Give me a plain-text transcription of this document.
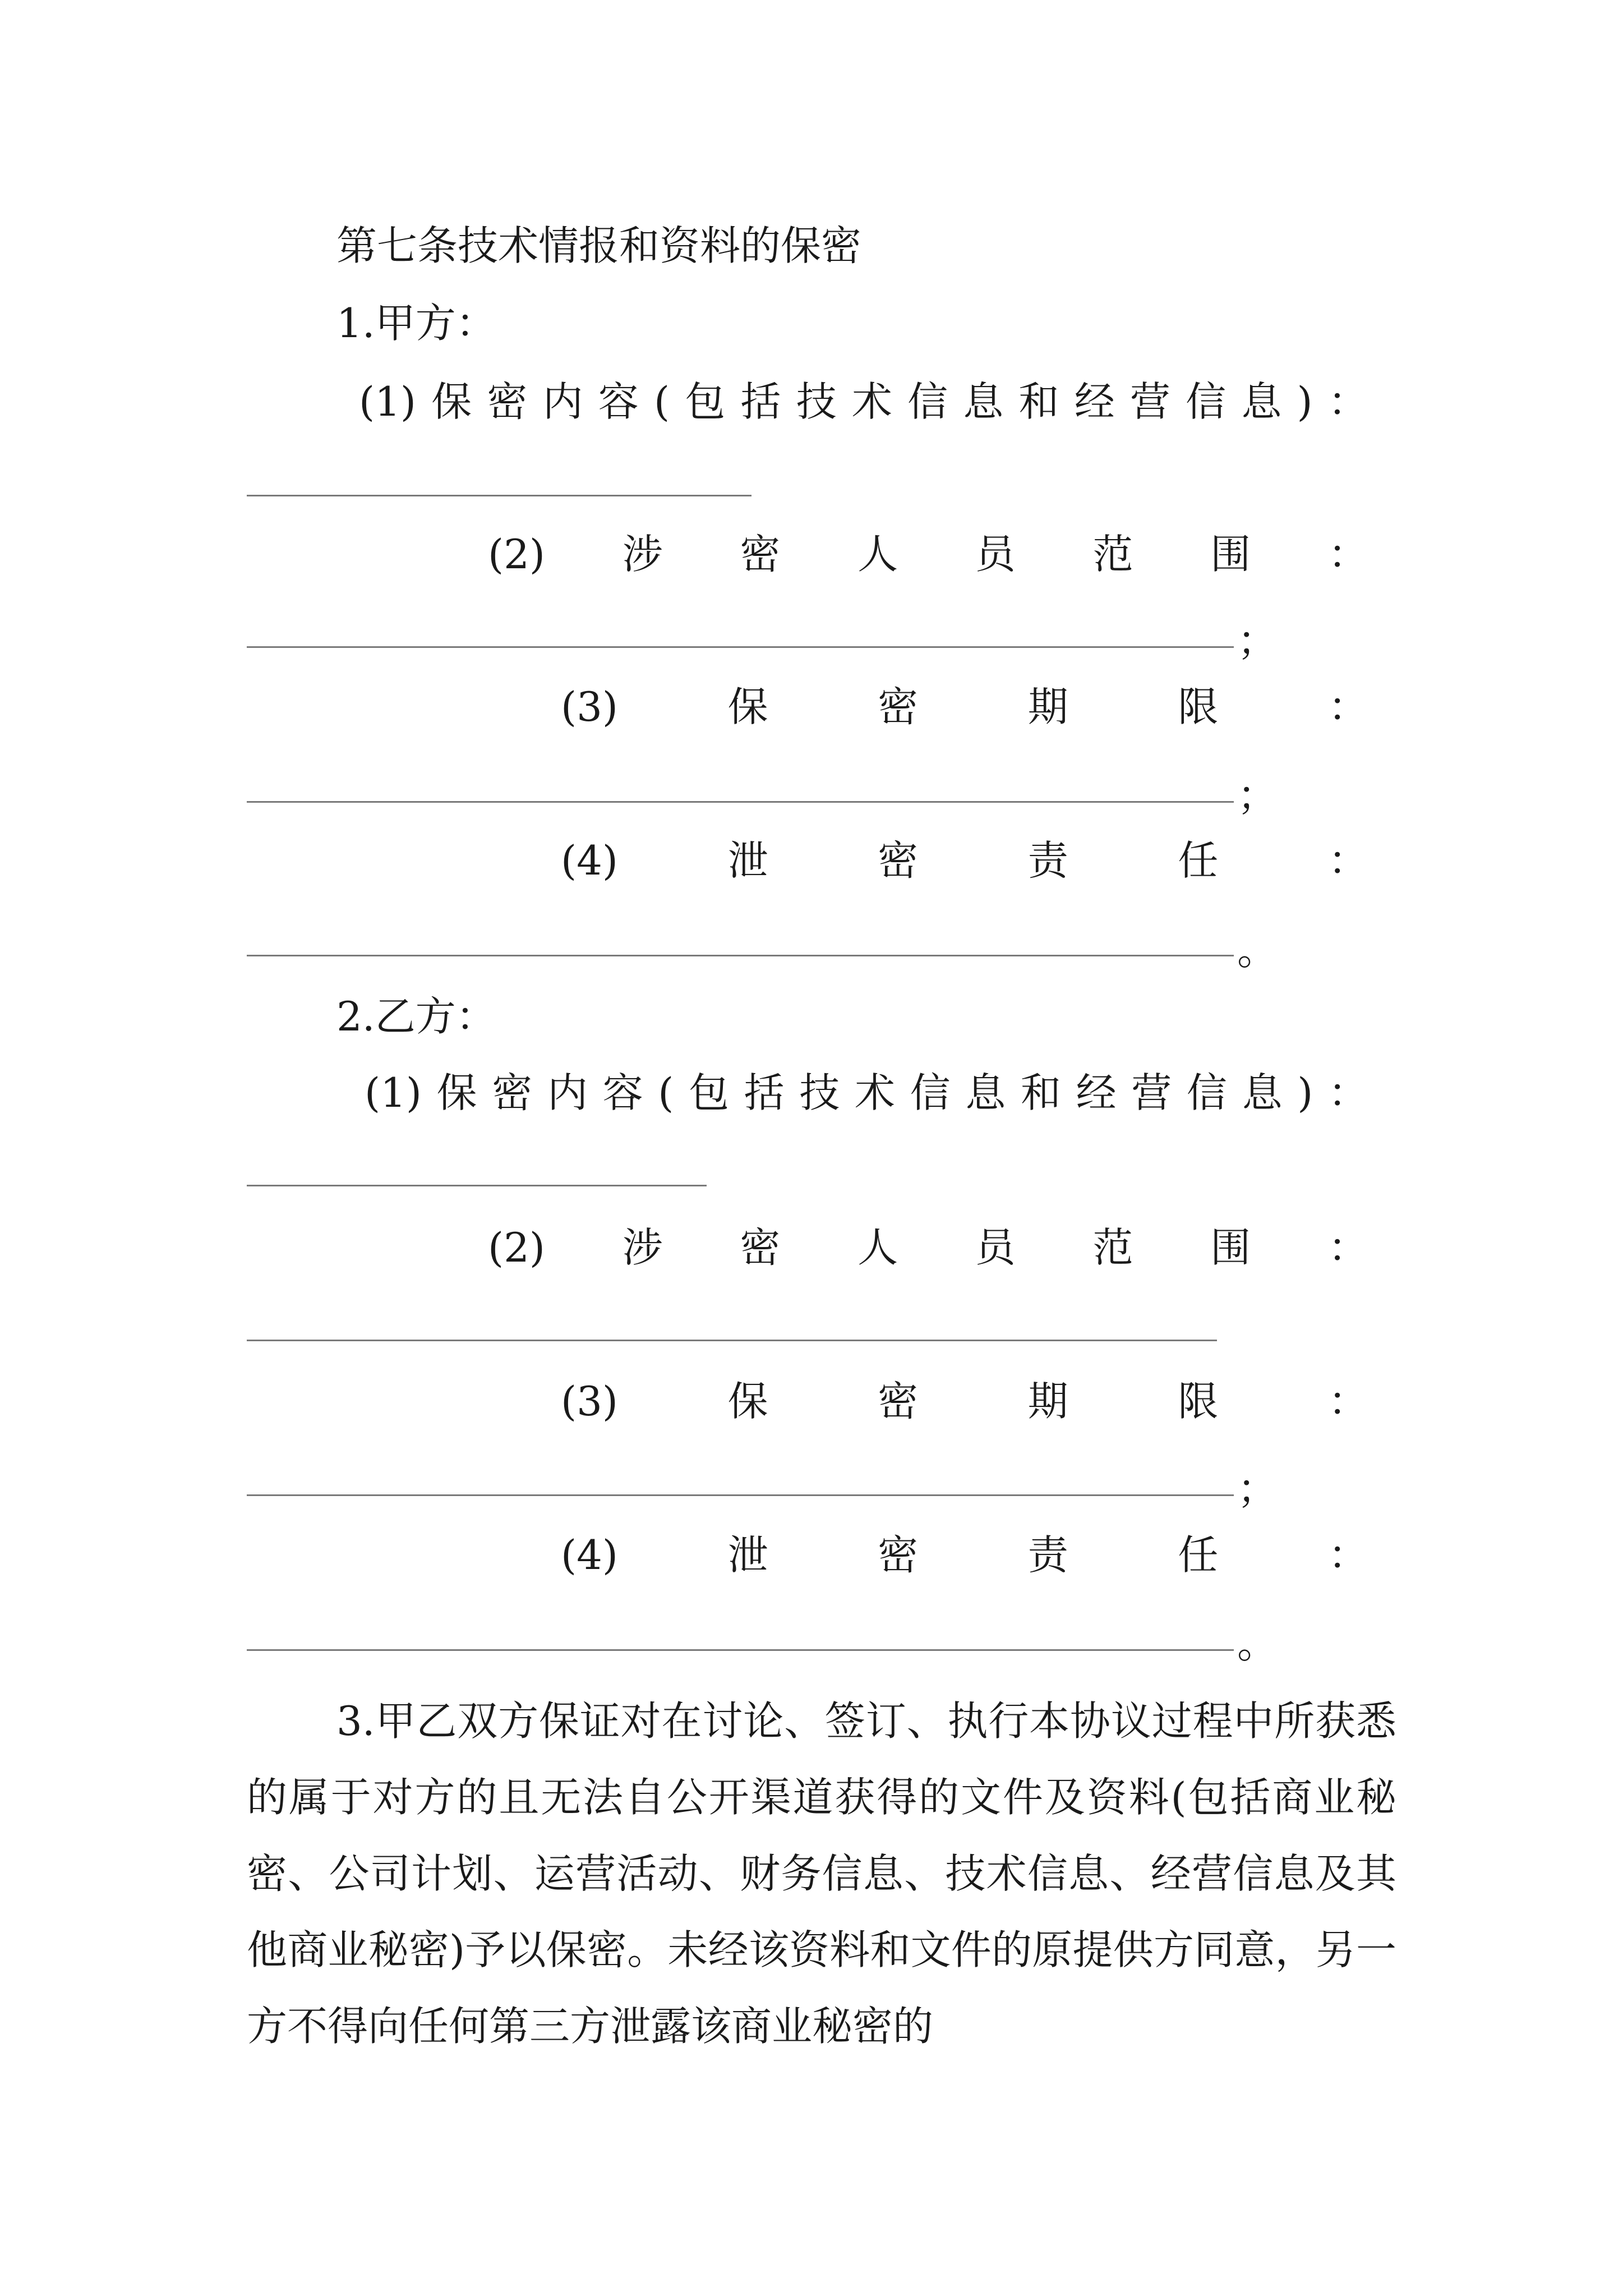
第七条技术情报和资料的保密
1.甲方：
(1) 保 密 内 容 ( 包 括 技 术 信 息 和 经 营 信 息 ) ：
(2) 涉 密 人 员 范 围 ：
；
(3)	保	密	期	限	：
；
(4)	泄	密	责	任	：
。
2.乙方：
(1) 保 密 内 容 ( 包 括 技 术 信 息 和 经 营 信 息 ) ：
(2) 涉 密 人 员 范 围 ：
(3)	保	密	期	限	：
；
(4)	泄	密	责	任	：
。
3.甲乙双方保证对在讨论、签订、执行本协议过程中所获悉的属于对方的且无法自公开渠道获得的文件及资料(包括商业秘密、公司计划、运营活动、财务信息、技术信息、经营信息及其他商业秘密)予以保密。未经该资料和文件的原提供方同意，另一方不得向任何第三方泄露该商业秘密的
